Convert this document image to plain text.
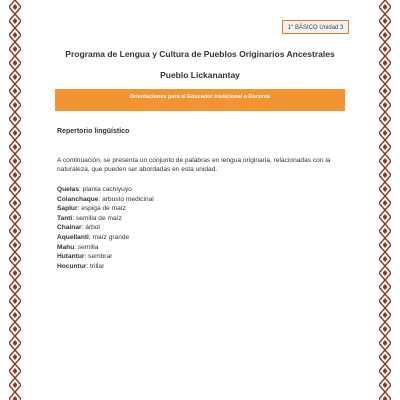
1° BÁSICO Unidad 3
Programa de Lengua y Cultura de Pueblos Originarios Ancestrales
Pueblo Lickanantay
Orientaciones para el Educador tradicional o Docente
Repertorio lingüístico
A continuación, se presenta un conjunto de palabras en lengua originaria, relacionadas con la naturaleza, que pueden ser abordadas en esta unidad.
Quelas: planta cachiyuyo
Colanchaque: arbusto medicinal
Saplur: espiga de maíz
Tantí: semilla de maíz
Chainar: árbol
Aquellanti: maíz grande
Mahu: semilla
Hutantur: sembrar
Hocuntur: trillar
